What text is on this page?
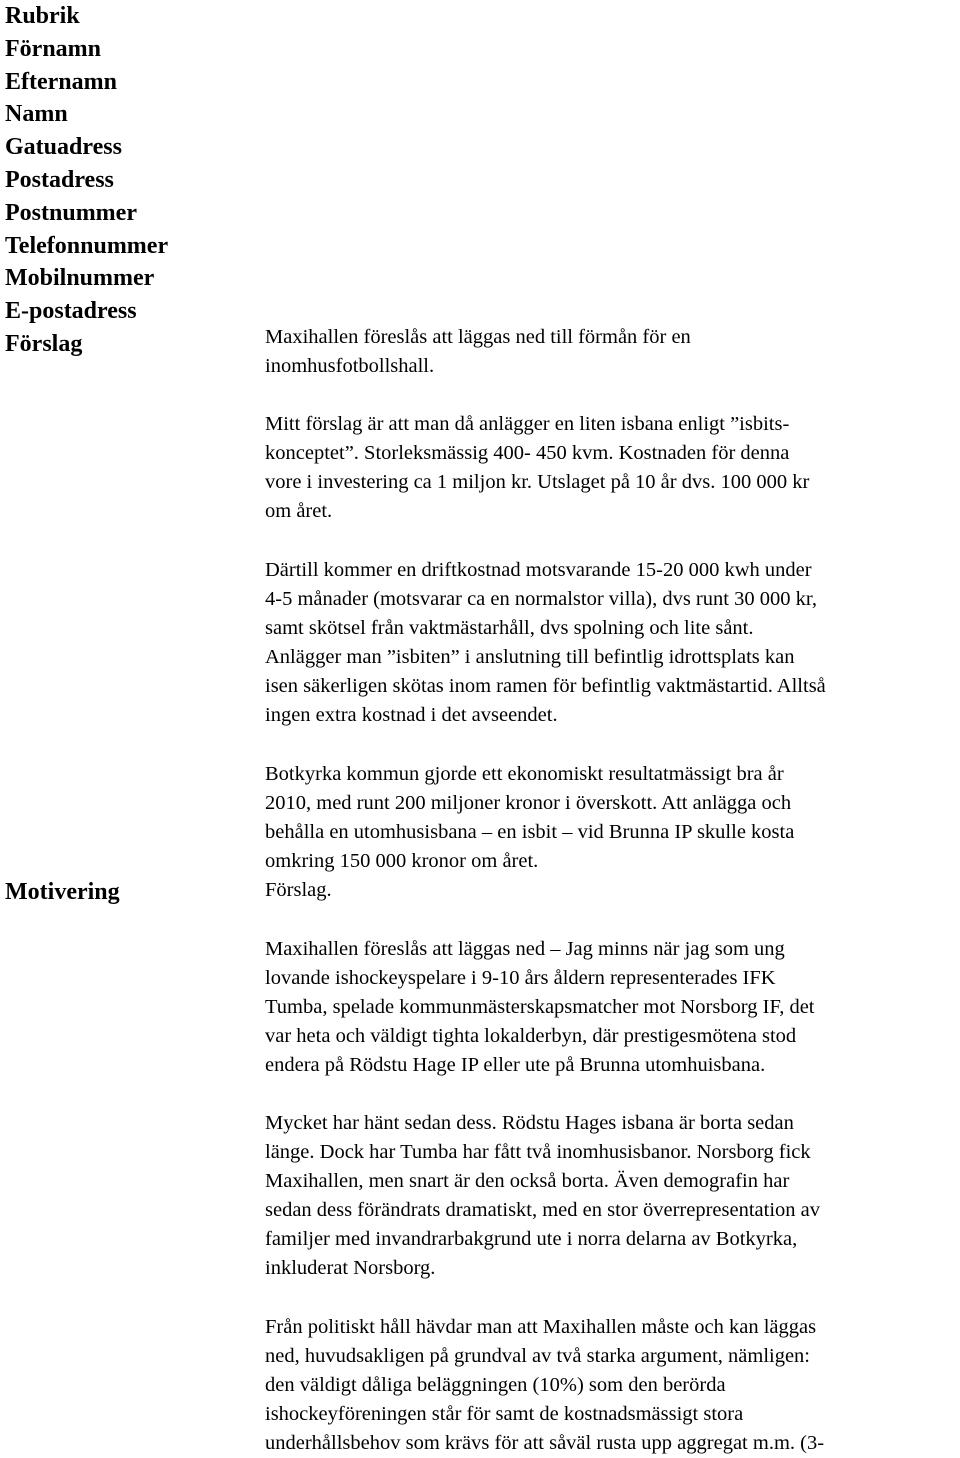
Rubrik
Förnamn
Efternamn
Namn
Gatuadress
Postadress
Postnummer
Telefonnummer
Mobilnummer
E-postadress
Förslag
Motivering

Maxihallen föreslås att läggas ned till förmån för en
inomhusfotbollshall.

Mitt förslag är att man då anlägger en liten isbana enligt ”isbits-
konceptet”. Storleksmässig 400- 450 kvm. Kostnaden för denna
vore i investering ca 1 miljon kr. Utslaget på 10 år dvs. 100 000 kr
om året.

Därtill kommer en driftkostnad motsvarande 15-20 000 kwh under
4-5 månader (motsvarar ca en normalstor villa), dvs runt 30 000 kr,
samt skötsel från vaktmästarhåll, dvs spolning och lite sånt.
Anlägger man ”isbiten” i anslutning till befintlig idrottsplats kan
isen säkerligen skötas inom ramen för befintlig vaktmästartid. Alltså
ingen extra kostnad i det avseendet.

Botkyrka kommun gjorde ett ekonomiskt resultatmässigt bra år
2010, med runt 200 miljoner kronor i överskott. Att anlägga och
behålla en utomhusisbana – en isbit – vid Brunna IP skulle kosta
omkring 150 000 kronor om året.
Förslag.

Maxihallen föreslås att läggas ned – Jag minns när jag som ung
lovande ishockeyspelare i 9-10 års åldern representerades IFK
Tumba, spelade kommunmästerskapsmatcher mot Norsborg IF, det
var heta och väldigt tighta lokalderbyn, där prestigesmötena stod
endera på Rödstu Hage IP eller ute på Brunna utomhuisbana.

Mycket har hänt sedan dess. Rödstu Hages isbana är borta sedan
länge. Dock har Tumba har fått två inomhusisbanor. Norsborg fick
Maxihallen, men snart är den också borta. Även demografin har
sedan dess förändrats dramatiskt, med en stor överrepresentation av
familjer med invandrarbakgrund ute i norra delarna av Botkyrka,
inkluderat Norsborg.

Från politiskt håll hävdar man att Maxihallen måste och kan läggas
ned, huvudsakligen på grundval av två starka argument, nämligen:
den väldigt dåliga beläggningen (10%) som den berörda
ishockeyföreningen står för samt de kostnadsmässigt stora
underhållsbehov som krävs för att såväl rusta upp aggregat m.m. (3-
